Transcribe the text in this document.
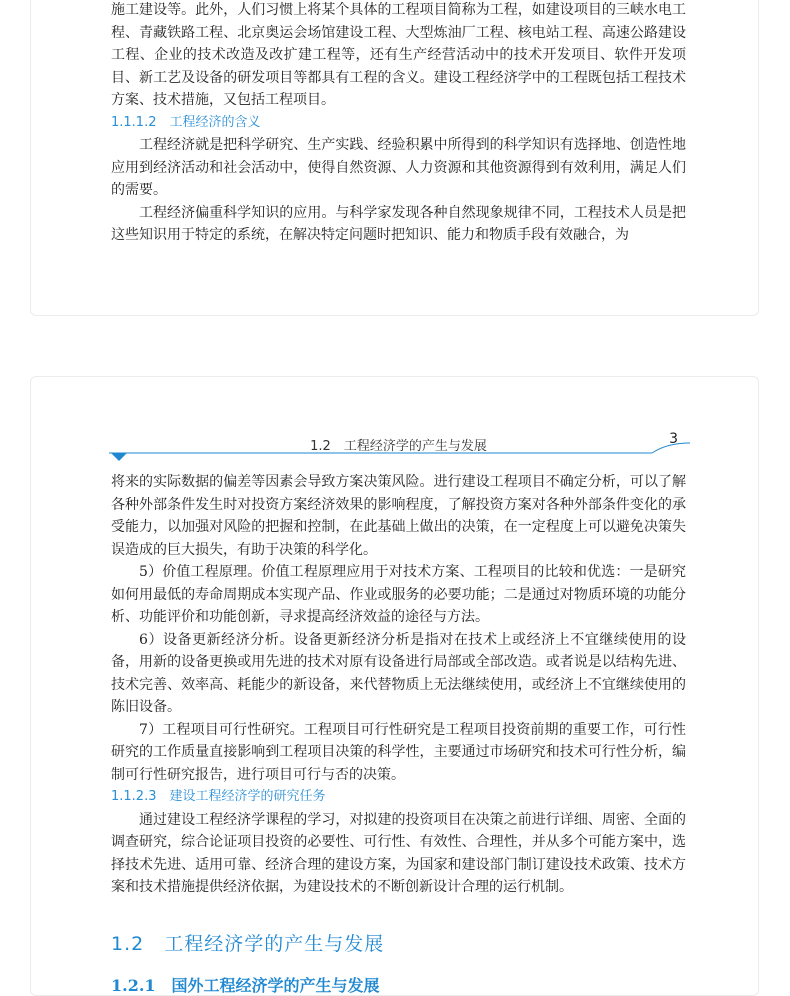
施工建设等。此外，人们习惯上将某个具体的工程项目简称为工程，如建设项目的三峡水电工程、青藏铁路工程、北京奥运会场馆建设工程、大型炼油厂工程、核电站工程、高速公路建设工程、企业的技术改造及改扩建工程等，还有生产经营活动中的技术开发项目、软件开发项目、新工艺及设备的研发项目等都具有工程的含义。建设工程经济学中的工程既包括工程技术方案、技术措施，又包括工程项目。

1.1.1.2　工程经济的含义

工程经济就是把科学研究、生产实践、经验积累中所得到的科学知识有选择地、创造性地应用到经济活动和社会活动中，使得自然资源、人力资源和其他资源得到有效利用，满足人们的需要。

工程经济偏重科学知识的应用。与科学家发现各种自然现象规律不同，工程技术人员是把这些知识用于特定的系统，在解决特定问题时把知识、能力和物质手段有效融合，为

1.2　工程经济学的产生与发展	3

将来的实际数据的偏差等因素会导致方案决策风险。进行建设工程项目不确定分析，可以了解各种外部条件发生时对投资方案经济效果的影响程度，了解投资方案对各种外部条件变化的承受能力，以加强对风险的把握和控制，在此基础上做出的决策，在一定程度上可以避免决策失误造成的巨大损失，有助于决策的科学化。

5）价值工程原理。价值工程原理应用于对技术方案、工程项目的比较和优选：一是研究如何用最低的寿命周期成本实现产品、作业或服务的必要功能；二是通过对物质环境的功能分析、功能评价和功能创新，寻求提高经济效益的途径与方法。

6）设备更新经济分析。设备更新经济分析是指对在技术上或经济上不宜继续使用的设备，用新的设备更换或用先进的技术对原有设备进行局部或全部改造。或者说是以结构先进、技术完善、效率高、耗能少的新设备，来代替物质上无法继续使用，或经济上不宜继续使用的陈旧设备。

7）工程项目可行性研究。工程项目可行性研究是工程项目投资前期的重要工作，可行性研究的工作质量直接影响到工程项目决策的科学性，主要通过市场研究和技术可行性分析，编制可行性研究报告，进行项目可行与否的决策。

1.1.2.3　建设工程经济学的研究任务

通过建设工程经济学课程的学习，对拟建的投资项目在决策之前进行详细、周密、全面的调查研究，综合论证项目投资的必要性、可行性、有效性、合理性，并从多个可能方案中，选择技术先进、适用可靠、经济合理的建设方案，为国家和建设部门制订建设技术政策、技术方案和技术措施提供经济依据，为建设技术的不断创新设计合理的运行机制。

1.2　工程经济学的产生与发展

1.2.1　国外工程经济学的产生与发展
